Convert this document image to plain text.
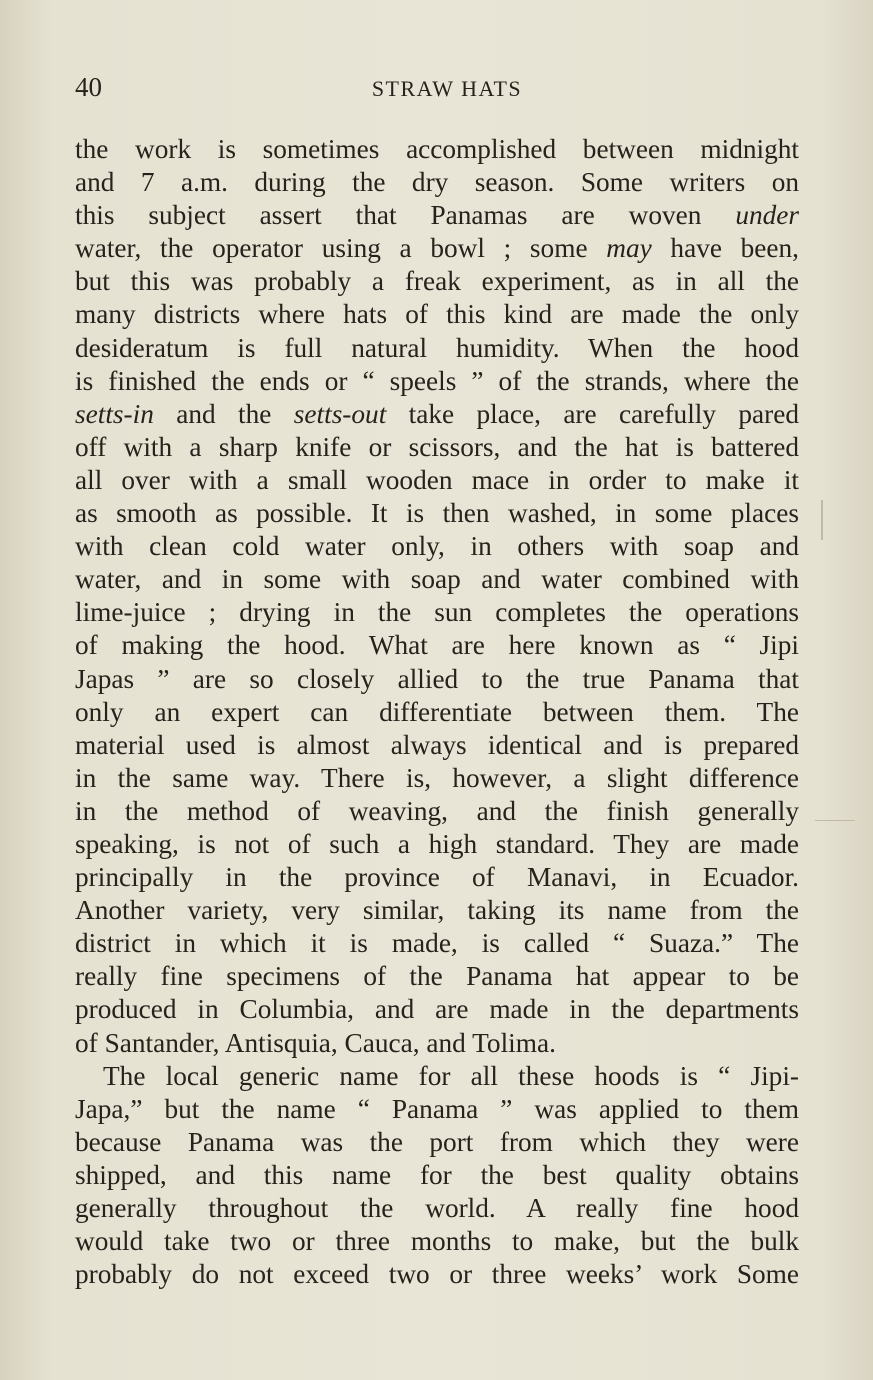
40	STRAW HATS
the work is sometimes accomplished between midnight
and 7 a.m. during the dry season. Some writers on
this subject assert that Panamas are woven under
water, the operator using a bowl ; some may have been,
but this was probably a freak experiment, as in all the
many districts where hats of this kind are made the only
desideratum is full natural humidity. When the hood
is finished the ends or “ speels ” of the strands, where the
setts-in and the setts-out take place, are carefully pared
off with a sharp knife or scissors, and the hat is battered
all over with a small wooden mace in order to make it
as smooth as possible. It is then washed, in some places
with clean cold water only, in others with soap and
water, and in some with soap and water combined with
lime-juice ; drying in the sun completes the operations
of making the hood. What are here known as “ Jipi
Japas ” are so closely allied to the true Panama that
only an expert can differentiate between them. The
material used is almost always identical and is prepared
in the same way. There is, however, a slight difference
in the method of weaving, and the finish generally
speaking, is not of such a high standard. They are made
principally in the province of Manavi, in Ecuador.
Another variety, very similar, taking its name from the
district in which it is made, is called “ Suaza.” The
really fine specimens of the Panama hat appear to be
produced in Columbia, and are made in the departments
of Santander, Antisquia, Cauca, and Tolima.
The local generic name for all these hoods is “ Jipi-
Japa,” but the name “ Panama ” was applied to them
because Panama was the port from which they were
shipped, and this name for the best quality obtains
generally throughout the world. A really fine hood
would take two or three months to make, but the bulk
probably do not exceed two or three weeks’ work Some
